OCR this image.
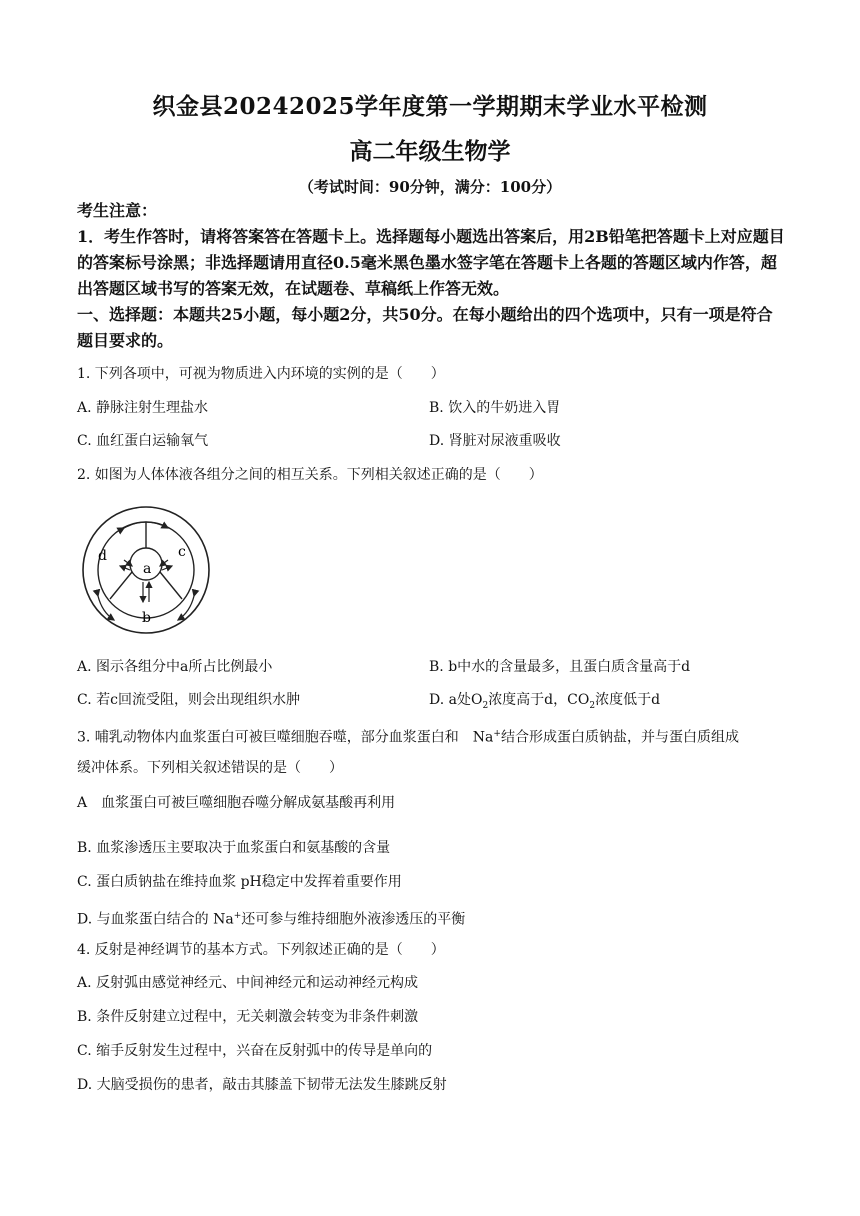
织金县20242025学年度第一学期期末学业水平检测
高二年级生物学
（考试时间：90分钟，满分：100分）
考生注意：
1．考生作答时，请将答案答在答题卡上。选择题每小题选出答案后，用2B铅笔把答题卡上对应题目的答案标号涂黑；非选择题请用直径0.5毫米黑色墨水签字笔在答题卡上各题的答题区域内作答，超出答题区域书写的答案无效，在试题卷、草稿纸上作答无效。
一、选择题：本题共25小题，每小题2分，共50分。在每小题给出的四个选项中，只有一项是符合题目要求的。
1. 下列各项中，可视为物质进入内环境的实例的是（　　）
A. 静脉注射生理盐水	B. 饮入的牛奶进入胃
C. 血红蛋白运输氧气	D. 肾脏对尿液重吸收
2. 如图为人体体液各组分之间的相互关系。下列相关叙述正确的是（　　）
a
b
c
d
A. 图示各组分中a所占比例最小	B. b中水的含量最多，且蛋白质含量高于d
C. 若c回流受阻，则会出现组织水肿	D. a处$O_2$浓度高于d，$CO_2$浓度低于d
3. 哺乳动物体内血浆蛋白可被巨噬细胞吞噬，部分血浆蛋白和　Na+结合形成蛋白质钠盐，并与蛋白质组成
缓冲体系。下列相关叙述错误的是（　　）
A　血浆蛋白可被巨噬细胞吞噬分解成氨基酸再利用
B. 血浆渗透压主要取决于血浆蛋白和氨基酸的含量
C. 蛋白质钠盐在维持血浆 pH稳定中发挥着重要作用
D. 与血浆蛋白结合的 Na+还可参与维持细胞外液渗透压的平衡
4. 反射是神经调节的基本方式。下列叙述正确的是（　　）
A. 反射弧由感觉神经元、中间神经元和运动神经元构成
B. 条件反射建立过程中，无关刺激会转变为非条件刺激
C. 缩手反射发生过程中，兴奋在反射弧中的传导是单向的
D. 大脑受损伤的患者，敲击其膝盖下韧带无法发生膝跳反射
